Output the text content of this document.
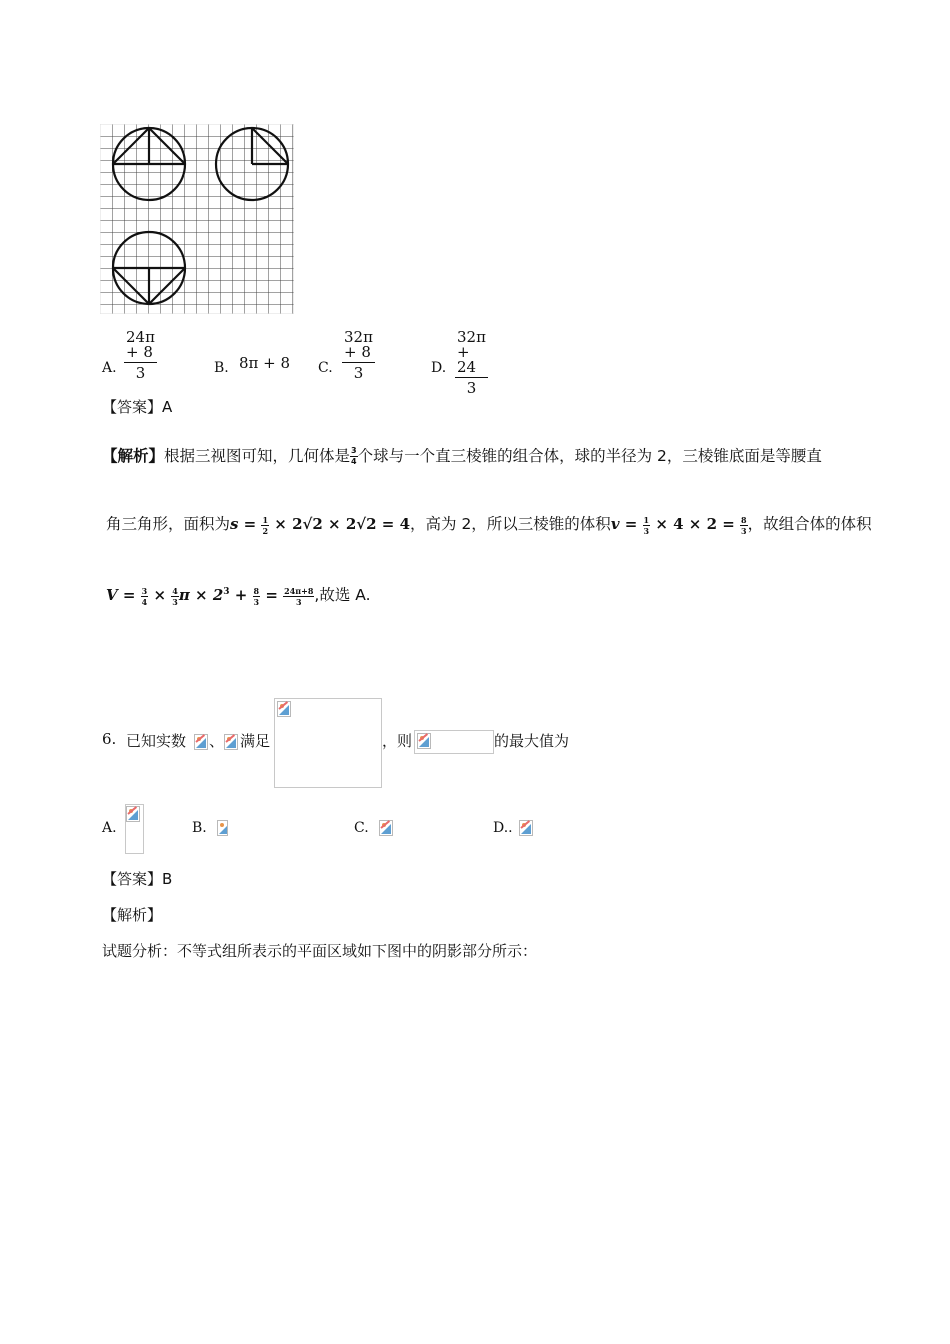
A. $\frac{24\pi + 8}{3}$	B. 8π + 8 C. $\frac{32\pi + 8}{3}$	D. $\frac{32\pi + 24}{3}$
【答案】A
【解析】根据三视图可知，几何体是 $\frac{3}{4}$ 个球与一个直三棱锥的组合体，球的半径为 2，三棱锥底面是等腰直
角三角形，面积为$s = \frac{1}{2} \times 2√2 \times 2√2 = 4$，高为 2，所以三棱锥的体积$v = \frac{1}{3} \times 4 \times 2 = \frac{8}{3}$ ，故组合体的体积
$V = \frac{3}{4} \times \frac{4}{3}$ $\pi \times 2^3 + \frac{8}{3} = \frac{24\pi+8}{3}$ ,故选 A.
6. 已知实数 、 满足	，则	的最大值为
A.	B.	C.	D..
【答案】B
【解析】
试题分析：不等式组所表示的平面区域如下图中的阴影部分所示：
